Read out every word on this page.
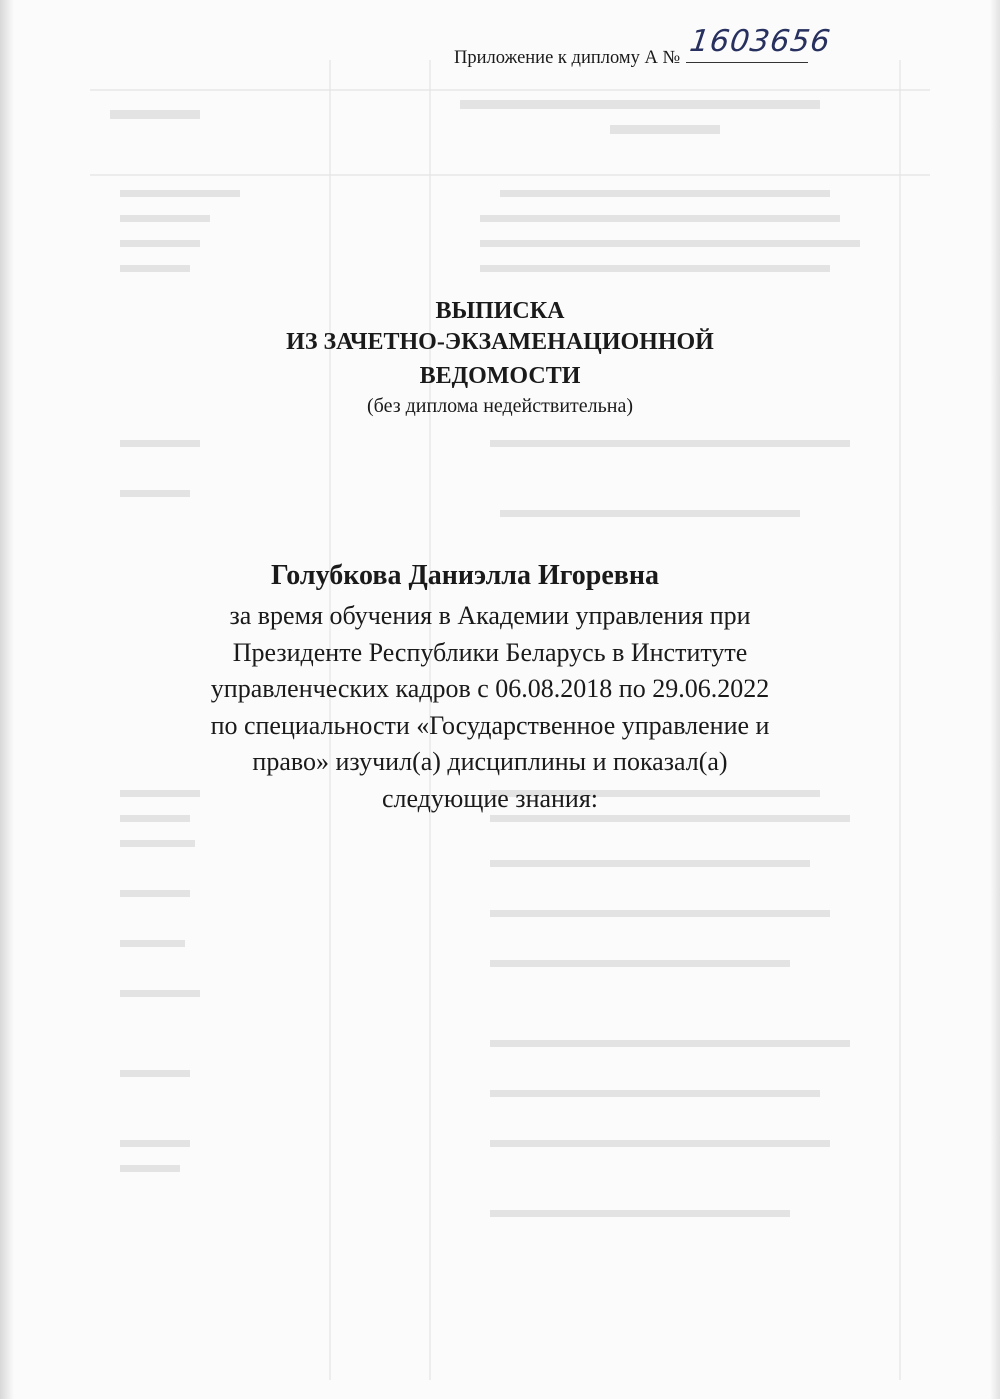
Приложение к диплому А № 1603656
ВЫПИСКА
ИЗ ЗАЧЕТНО-ЭКЗАМЕНАЦИОННОЙ
ВЕДОМОСТИ
(без диплома недействительна)
Голубкова Даниэлла Игоревна
за время обучения в Академии управления при
Президенте Республики Беларусь в Институте
управленческих кадров с 06.08.2018 по 29.06.2022
по специальности «Государственное управление и
право» изучил(а) дисциплины и показал(а)
следующие знания:
